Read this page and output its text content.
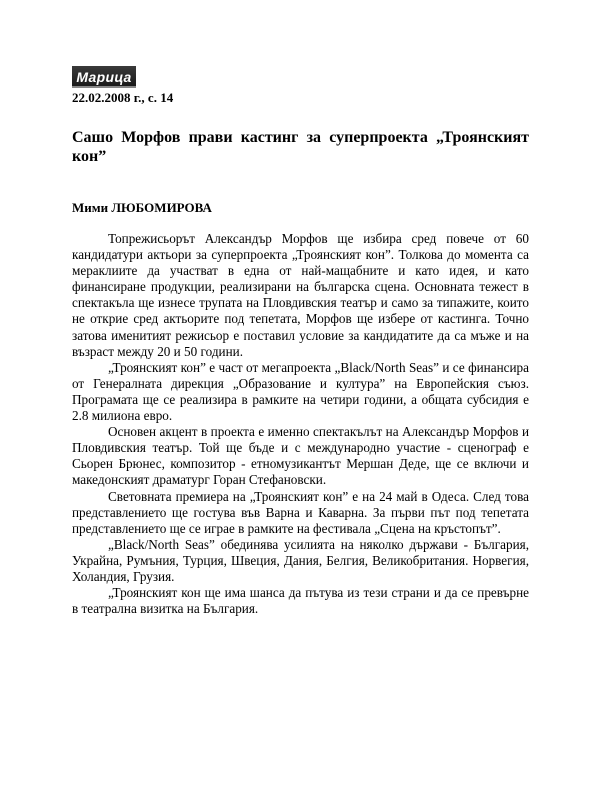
Марица
22.02.2008 г., с. 14
Сашо Морфов прави кастинг за суперпроекта „Троянският кон”
Мими ЛЮБОМИРОВА

Топрежисьорът Александър Морфов ще избира сред повече от 60 кандидатури актьори за суперпроекта „Троянският кон”. Толкова до момента са мераклиите да участват в една от най-мащабните и като идея, и като финансиране продукции, реализирани на българска сцена. Основната тежест в спектакъла ще изнесе трупата на Пловдивския театър и само за типажите, които не открие сред актьорите под тепетата, Морфов ще избере от кастинга. Точно затова именитият режисьор е поставил условие за кандидатите да са мъже и на възраст между 20 и 50 години.

„Троянският кон” е част от мегапроекта „Black/North Seas” и се финансира от Генералната дирекция „Образование и култура” на Европейския съюз. Програмата ще се реализира в рамките на четири години, а общата субсидия е 2.8 милиона евро.

Основен акцент в проекта е именно спектакълът на Александър Морфов и Пловдивския театър. Той ще бъде и с международно участие - сценограф е Сьорен Брюнес, композитор - етномузикантът Мершан Деде, ще се включи и македонският драматург Горан Стефановски.

Световната премиера на „Троянският кон” е на 24 май в Одеса. След това представлението ще гостува във Варна и Каварна. За първи път под тепетата представлението ще се играе в рамките на фестивала „Сцена на кръстопът”.

„Black/North Seas” обединява усилията на няколко държави - България, Украйна, Румъния, Турция, Швеция, Дания, Белгия, Великобритания. Норвегия, Холандия, Грузия.

„Троянският кон ще има шанса да пътува из тези страни и да се превърне в театрална визитка на България.
